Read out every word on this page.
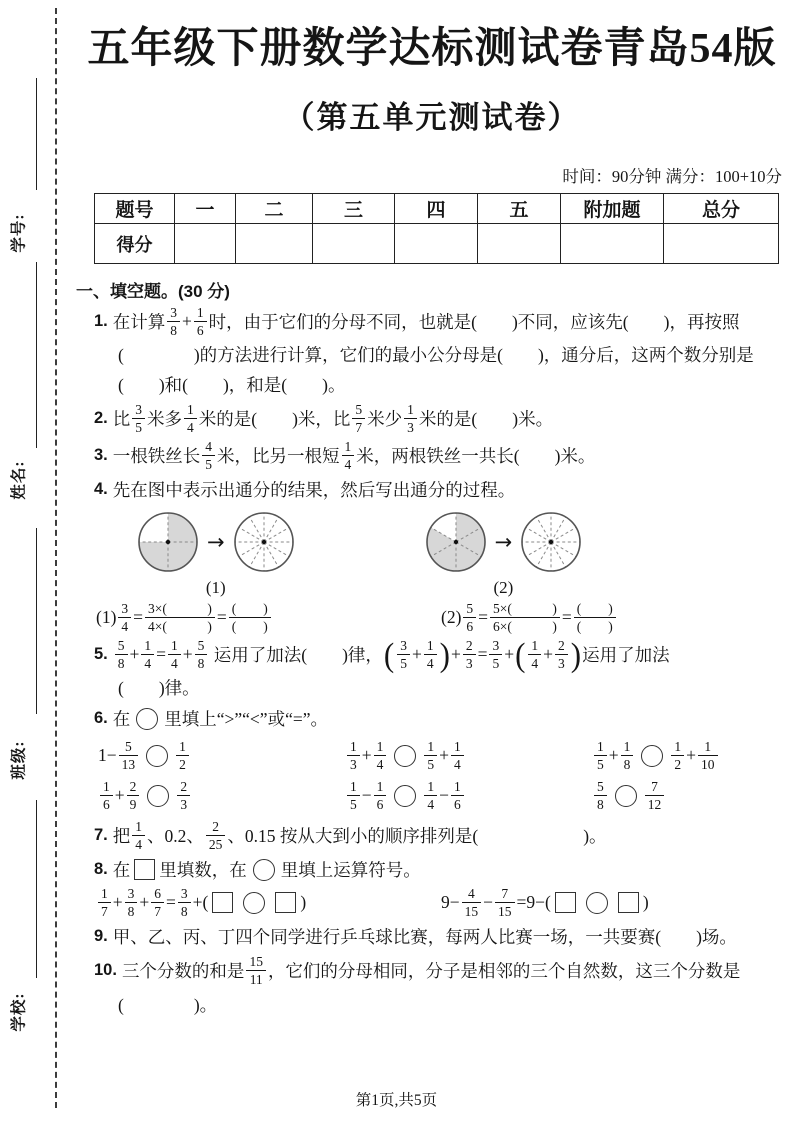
学号:
姓名:
班级:
学校:
五年级下册数学达标测试卷青岛54版
（第五单元测试卷）
时间：90分钟 满分：100+10分
题号	一	二	三	四	五	附加题	总分
得分							
一、填空题。(30 分)
1. 在计算 $\frac{3}{8} + \frac{1}{6}$ 时，由于它们的分母不同，也就是(　　)不同，应该先(　　)，再按照
(　　　　)的方法进行计算，它们的最小公分母是(　　)，通分后，这两个数分别是
(　　)和(　　)，和是(　　)。
2. 比 $\frac{3}{5}$ 米多 $\frac{1}{4}$ 米的是(　　)米，比 $\frac{5}{7}$ 米少 $\frac{1}{3}$ 米的是(　　)米。
3. 一根铁丝长 $\frac{4}{5}$ 米，比另一根短 $\frac{1}{4}$ 米，两根铁丝一共长(　　)米。
4. 先在图中表示出通分的结果，然后写出通分的过程。
→
(1)
→
(2)
$(1) \frac{3}{4} = \frac{3\times( )}{4\times( )} = \frac{( )}{( )}$	$(2) \frac{5}{6} = \frac{5\times( )}{6\times( )} = \frac{( )}{( )}$
5. $\frac{5}{8} + \frac{1}{4} = \frac{1}{4} + \frac{5}{8}$ 运用了加法(　　)律， ( $\frac{3}{5} + \frac{1}{4}$ ) + $\frac{2}{3} = \frac{3}{5}$ + ( $\frac{1}{4} + \frac{2}{3}$ ) 运用了加法
(　　)律。
6. 在 里填上“>”“<”或“=”。
$1- \frac{5}{13}$	$\frac{1}{2}$	$\frac{1}{3} + \frac{1}{4}$	$\frac{1}{5} + \frac{1}{4}$	$\frac{1}{5} + \frac{1}{8}$	$\frac{1}{2} + \frac{1}{10}$
$\frac{1}{6} + \frac{2}{9}$	$\frac{2}{3}$	$\frac{1}{5} - \frac{1}{6}$	$\frac{1}{4} - \frac{1}{6}$	$\frac{5}{8}$	$\frac{7}{12}$
7. 把 $\frac{1}{4}$ 、0.2、 $\frac{2}{25}$ 、0.15 按从大到小的顺序排列是(　　　　　　)。
8. 在 里填数，在 里填上运算符号。
$\frac{1}{7} + \frac{3}{8} + \frac{6}{7} = \frac{3}{8}$ +(	)	$9- \frac{4}{15} - \frac{7}{15} =9-$(	)
9. 甲、乙、丙、丁四个同学进行乒乓球比赛，每两人比赛一场，一共要赛(　　)场。
10. 三个分数的和是 $\frac{15}{11}$ ，它们的分母相同，分子是相邻的三个自然数，这三个分数是
(　　　　)。
第1页,共5页
